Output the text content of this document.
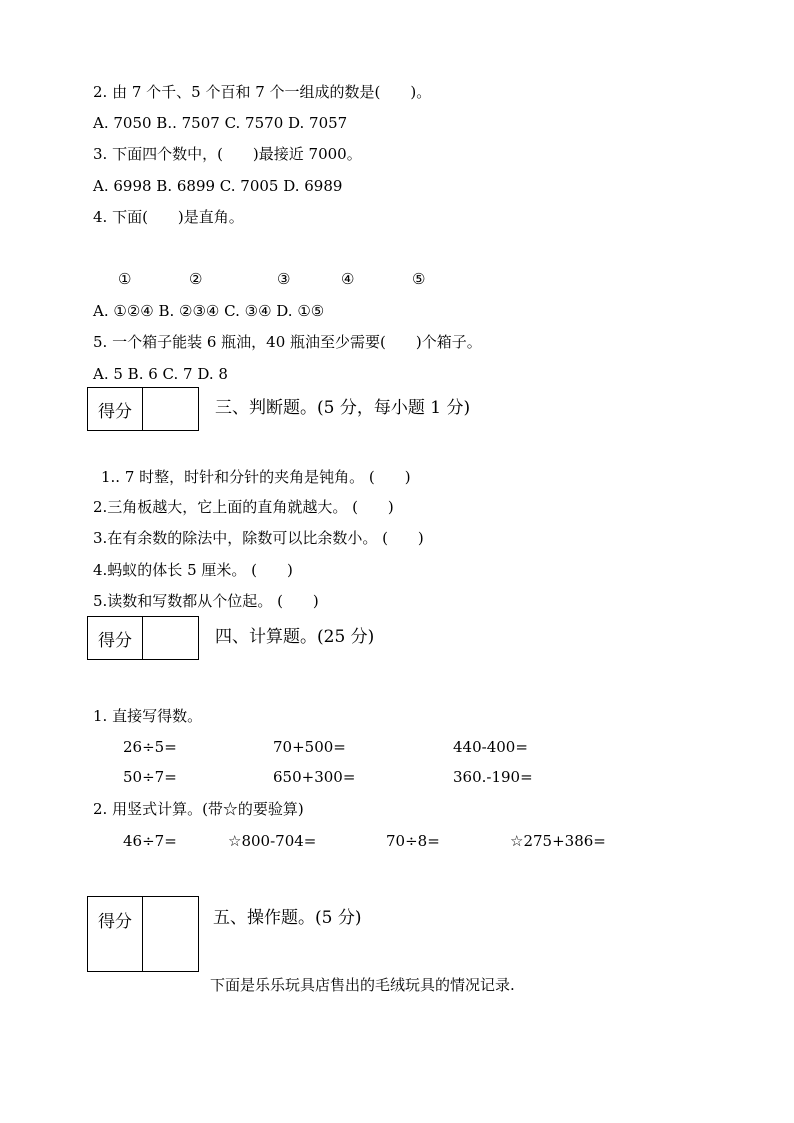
2. 由 7 个千、5 个百和 7 个一组成的数是(　　)。
A. 7050 B.. 7507 C. 7570 D. 7057
3. 下面四个数中，(　　)最接近 7000。
A. 6998 B. 6899 C. 7005 D. 6989
4. 下面(　　)是直角。
①	②	③	④	⑤
A. ①②④ B. ②③④ C. ③④ D. ①⑤
5. 一个箱子能装 6 瓶油，40 瓶油至少需要(　　)个箱子。
A. 5 B. 6 C. 7 D. 8
得分	三、判断题。(5 分，每小题 1 分)
1.. 7 时整，时针和分针的夹角是钝角。 (　　)
2.三角板越大，它上面的直角就越大。 (　　)
3.在有余数的除法中，除数可以比余数小。 (　　)
4.蚂蚁的体长 5 厘米。 (　　)
5.读数和写数都从个位起。 (　　)
得分	四、计算题。(25 分)
1. 直接写得数。
26÷5=	70+500=	440-400=
50÷7=	650+300=	360.-190=
2. 用竖式计算。(带☆的要验算)
46÷7=	☆800-704=	70÷8=	☆275+386=
得分	五、操作题。(5 分)
下面是乐乐玩具店售出的毛绒玩具的情况记录.
